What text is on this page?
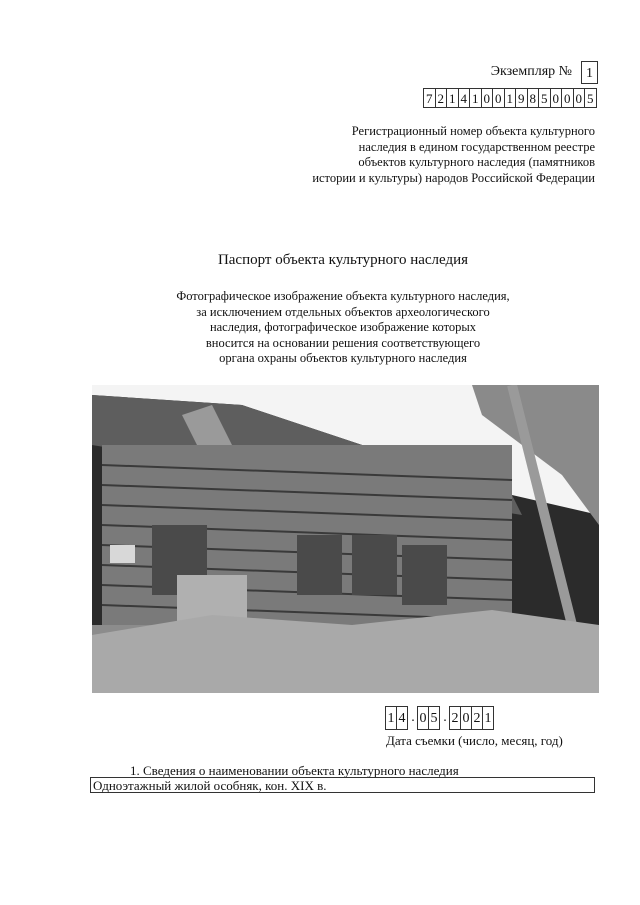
Экземпляр №	1
7 2 1 4 1 0 0 1 9 8 5 0 0 0 5
Регистрационный номер объекта культурного
наследия в едином государственном реестре
объектов культурного наследия (памятников
истории и культуры) народов Российской Федерации
Паспорт объекта культурного наследия
Фотографическое изображение объекта культурного наследия,
за исключением отдельных объектов археологического
наследия, фотографическое изображение которых
вносится на основании решения соответствующего
органа охраны объектов культурного наследия
1 4 . 0 5 . 2 0 2 1
Дата съемки (число, месяц, год)
1. Сведения о наименовании объекта культурного наследия
Одноэтажный жилой особняк, кон. XIX в.
